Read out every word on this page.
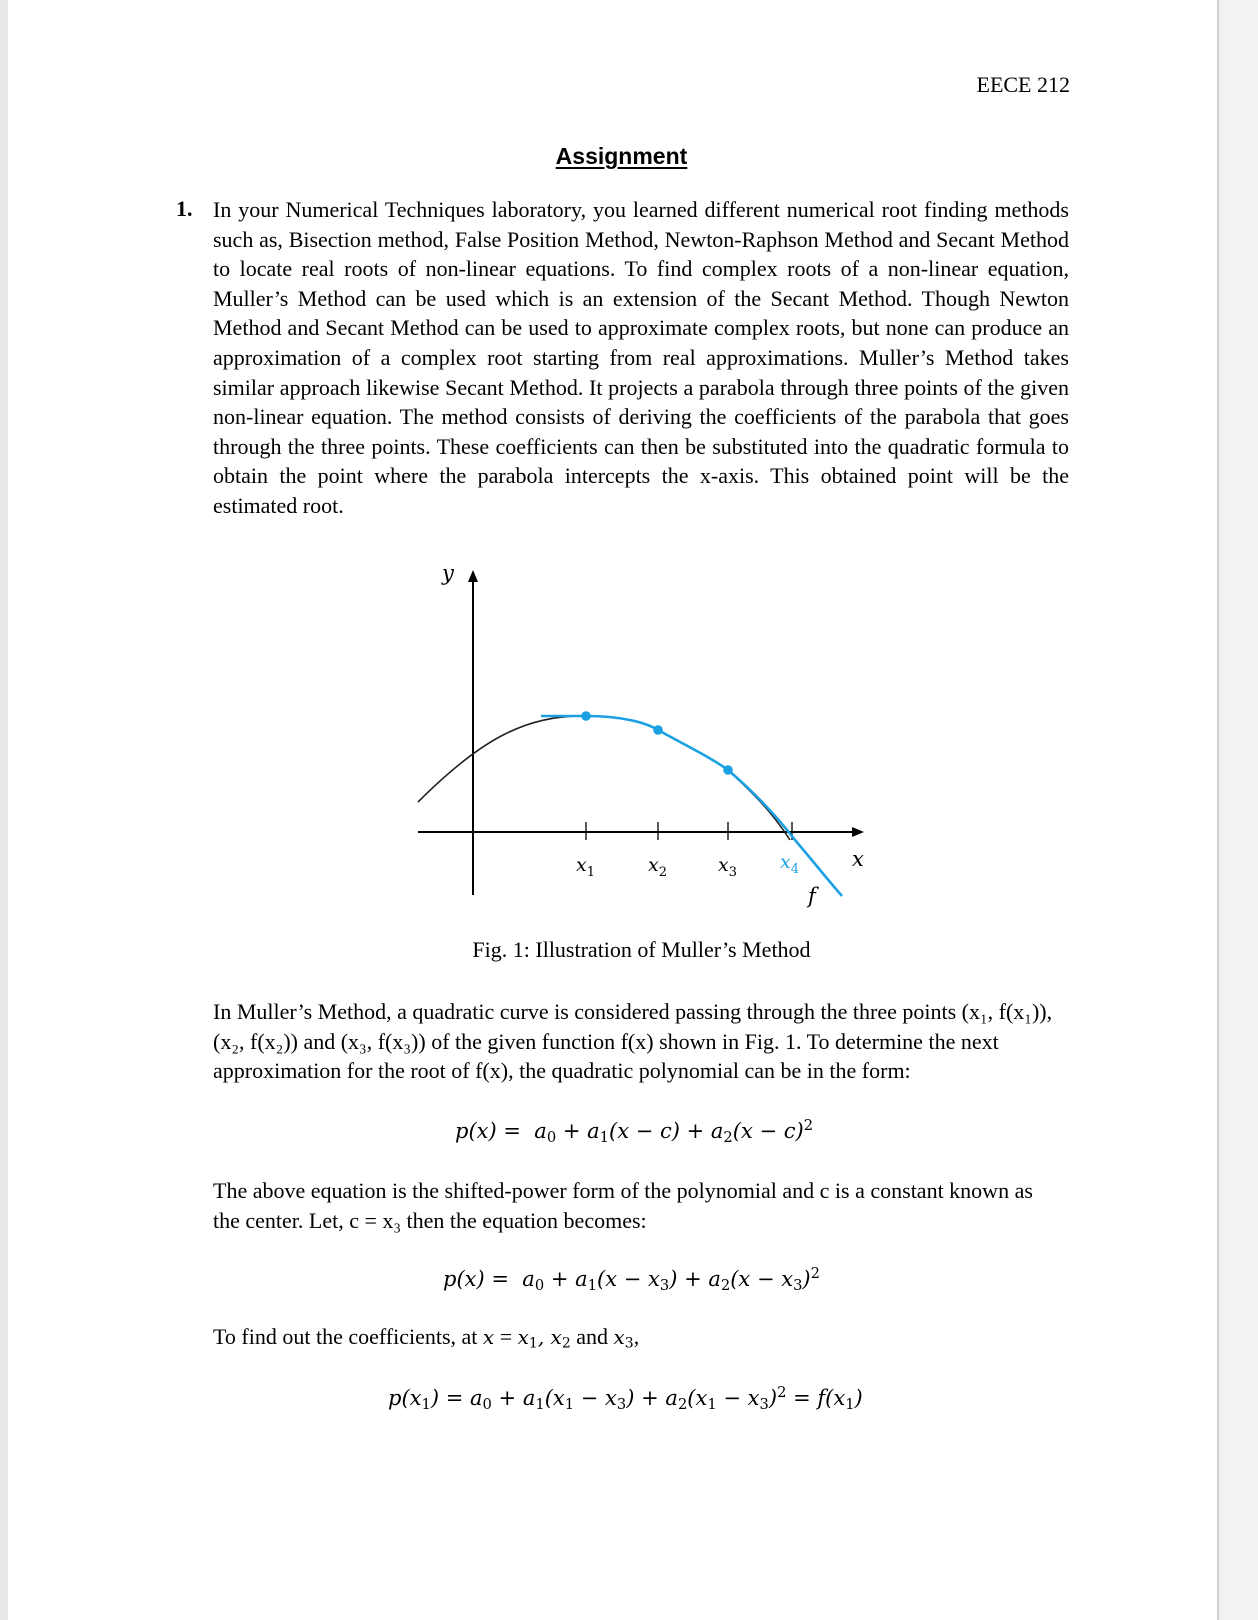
EECE 212
Assignment
1. In your Numerical Techniques laboratory, you learned different numerical root finding methods such as, Bisection method, False Position Method, Newton-Raphson Method and Secant Method to locate real roots of non-linear equations. To find complex roots of a non-linear equation, Muller’s Method can be used which is an extension of the Secant Method. Though Newton Method and Secant Method can be used to approximate complex roots, but none can produce an approximation of a complex root starting from real approximations. Muller’s Method takes similar approach likewise Secant Method. It projects a parabola through three points of the given non-linear equation. The method consists of deriving the coefficients of the parabola that goes through the three points. These coefficients can then be substituted into the quadratic formula to obtain the point where the parabola intercepts the x-axis. This obtained point will be the estimated root.

y
x
$x_1$	$x_2$	$x_3$ $x_4$
f
Fig. 1: Illustration of Muller’s Method

In Muller’s Method, a quadratic curve is considered passing through the three points (x₁, f(x₁)), (x₂, f(x₂)) and (x₃, f(x₃)) of the given function f(x) shown in Fig. 1. To determine the next approximation for the root of f(x), the quadratic polynomial can be in the form:

$p(x) = a_0 + a_1(x - c) + a_2(x - c)^2$

The above equation is the shifted-power form of the polynomial and c is a constant known as the center. Let, c = x₃ then the equation becomes:

$p(x) = a_0 + a_1(x - x_3) + a_2(x - x_3)^2$
To find out the coefficients, at $x = x_1$, $x_2$ and $x_3$,
$p(x_1) = a_0 + a_1(x_1 - x_3) + a_2(x_1 - x_3)^2 = f(x_1)$
